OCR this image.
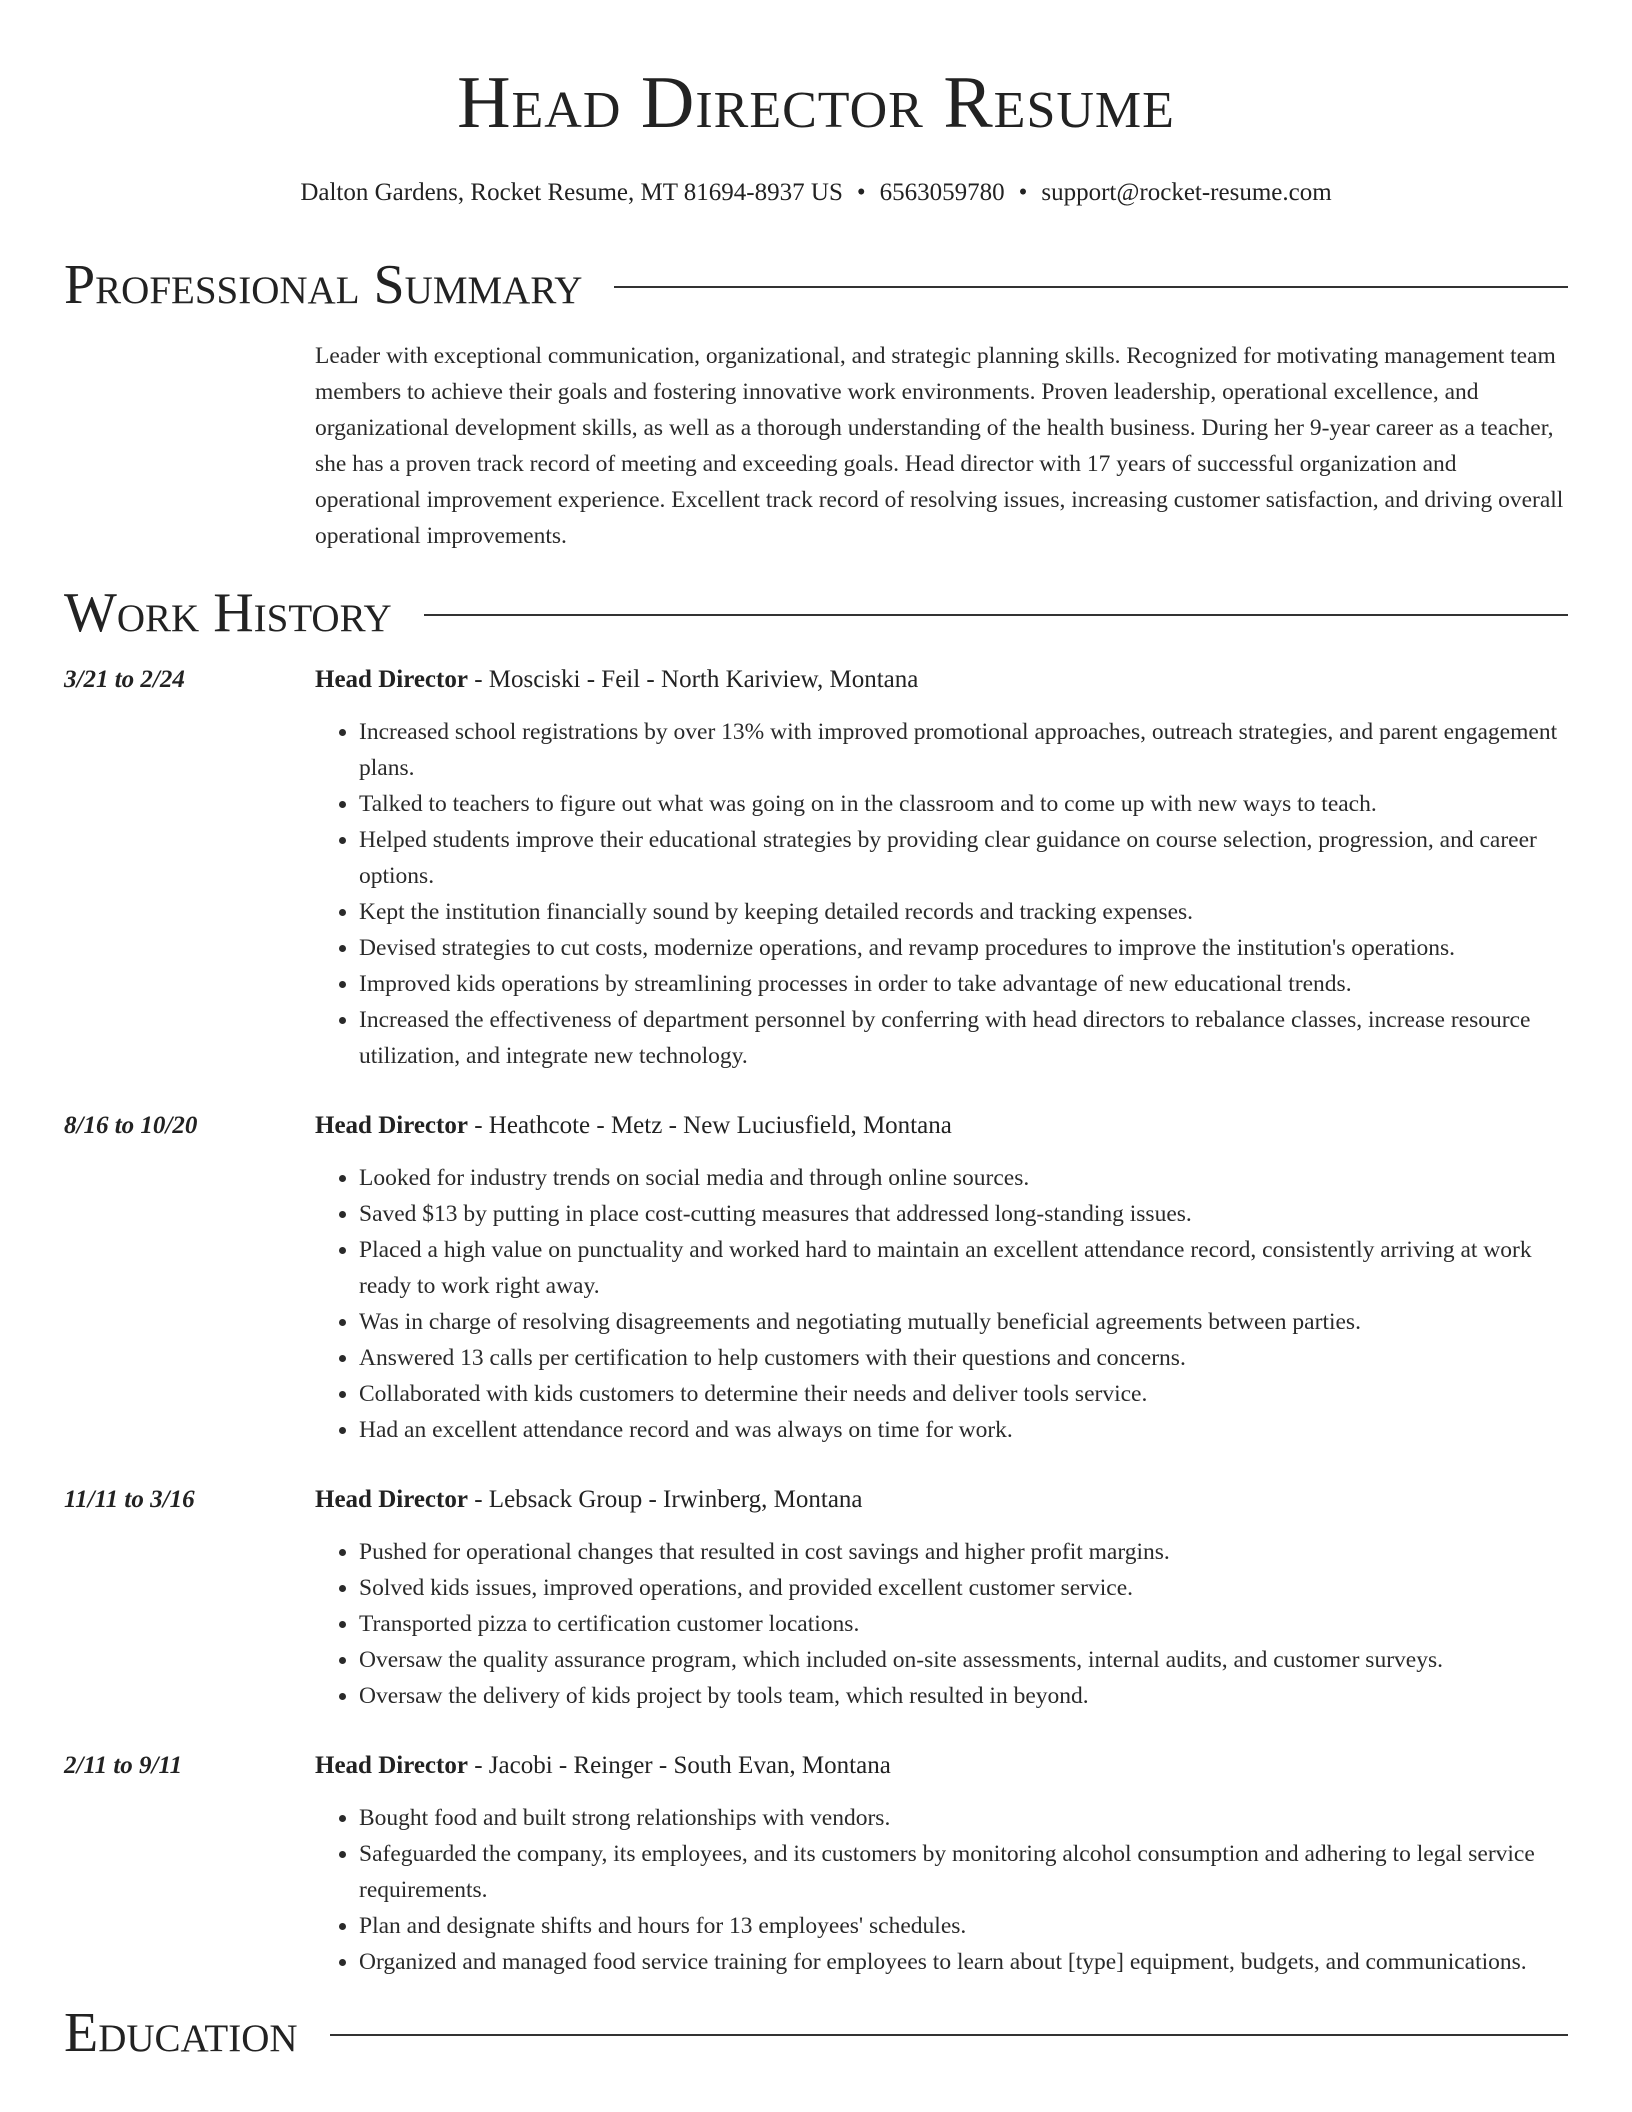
Head Director Resume
Dalton Gardens, Rocket Resume, MT 81694-8937 US • 6563059780 • support@rocket-resume.com
Professional Summary
Leader with exceptional communication, organizational, and strategic planning skills. Recognized for motivating management team members to achieve their goals and fostering innovative work environments. Proven leadership, operational excellence, and organizational development skills, as well as a thorough understanding of the health business. During her 9-year career as a teacher, she has a proven track record of meeting and exceeding goals. Head director with 17 years of successful organization and operational improvement experience. Excellent track record of resolving issues, increasing customer satisfaction, and driving overall operational improvements.
Work History
3/21 to 2/24	Head Director - Mosciski - Feil - North Kariview, Montana
• Increased school registrations by over 13% with improved promotional approaches, outreach strategies, and parent engagement plans.
• Talked to teachers to figure out what was going on in the classroom and to come up with new ways to teach.
• Helped students improve their educational strategies by providing clear guidance on course selection, progression, and career options.
• Kept the institution financially sound by keeping detailed records and tracking expenses.
• Devised strategies to cut costs, modernize operations, and revamp procedures to improve the institution's operations.
• Improved kids operations by streamlining processes in order to take advantage of new educational trends.
• Increased the effectiveness of department personnel by conferring with head directors to rebalance classes, increase resource utilization, and integrate new technology.
8/16 to 10/20	Head Director - Heathcote - Metz - New Luciusfield, Montana
• Looked for industry trends on social media and through online sources.
• Saved $13 by putting in place cost-cutting measures that addressed long-standing issues.
• Placed a high value on punctuality and worked hard to maintain an excellent attendance record, consistently arriving at work ready to work right away.
• Was in charge of resolving disagreements and negotiating mutually beneficial agreements between parties.
• Answered 13 calls per certification to help customers with their questions and concerns.
• Collaborated with kids customers to determine their needs and deliver tools service.
• Had an excellent attendance record and was always on time for work.
11/11 to 3/16	Head Director - Lebsack Group - Irwinberg, Montana
• Pushed for operational changes that resulted in cost savings and higher profit margins.
• Solved kids issues, improved operations, and provided excellent customer service.
• Transported pizza to certification customer locations.
• Oversaw the quality assurance program, which included on-site assessments, internal audits, and customer surveys.
• Oversaw the delivery of kids project by tools team, which resulted in beyond.
2/11 to 9/11	Head Director - Jacobi - Reinger - South Evan, Montana
• Bought food and built strong relationships with vendors.
• Safeguarded the company, its employees, and its customers by monitoring alcohol consumption and adhering to legal service requirements.
• Plan and designate shifts and hours for 13 employees' schedules.
• Organized and managed food service training for employees to learn about [type] equipment, budgets, and communications.
Education
